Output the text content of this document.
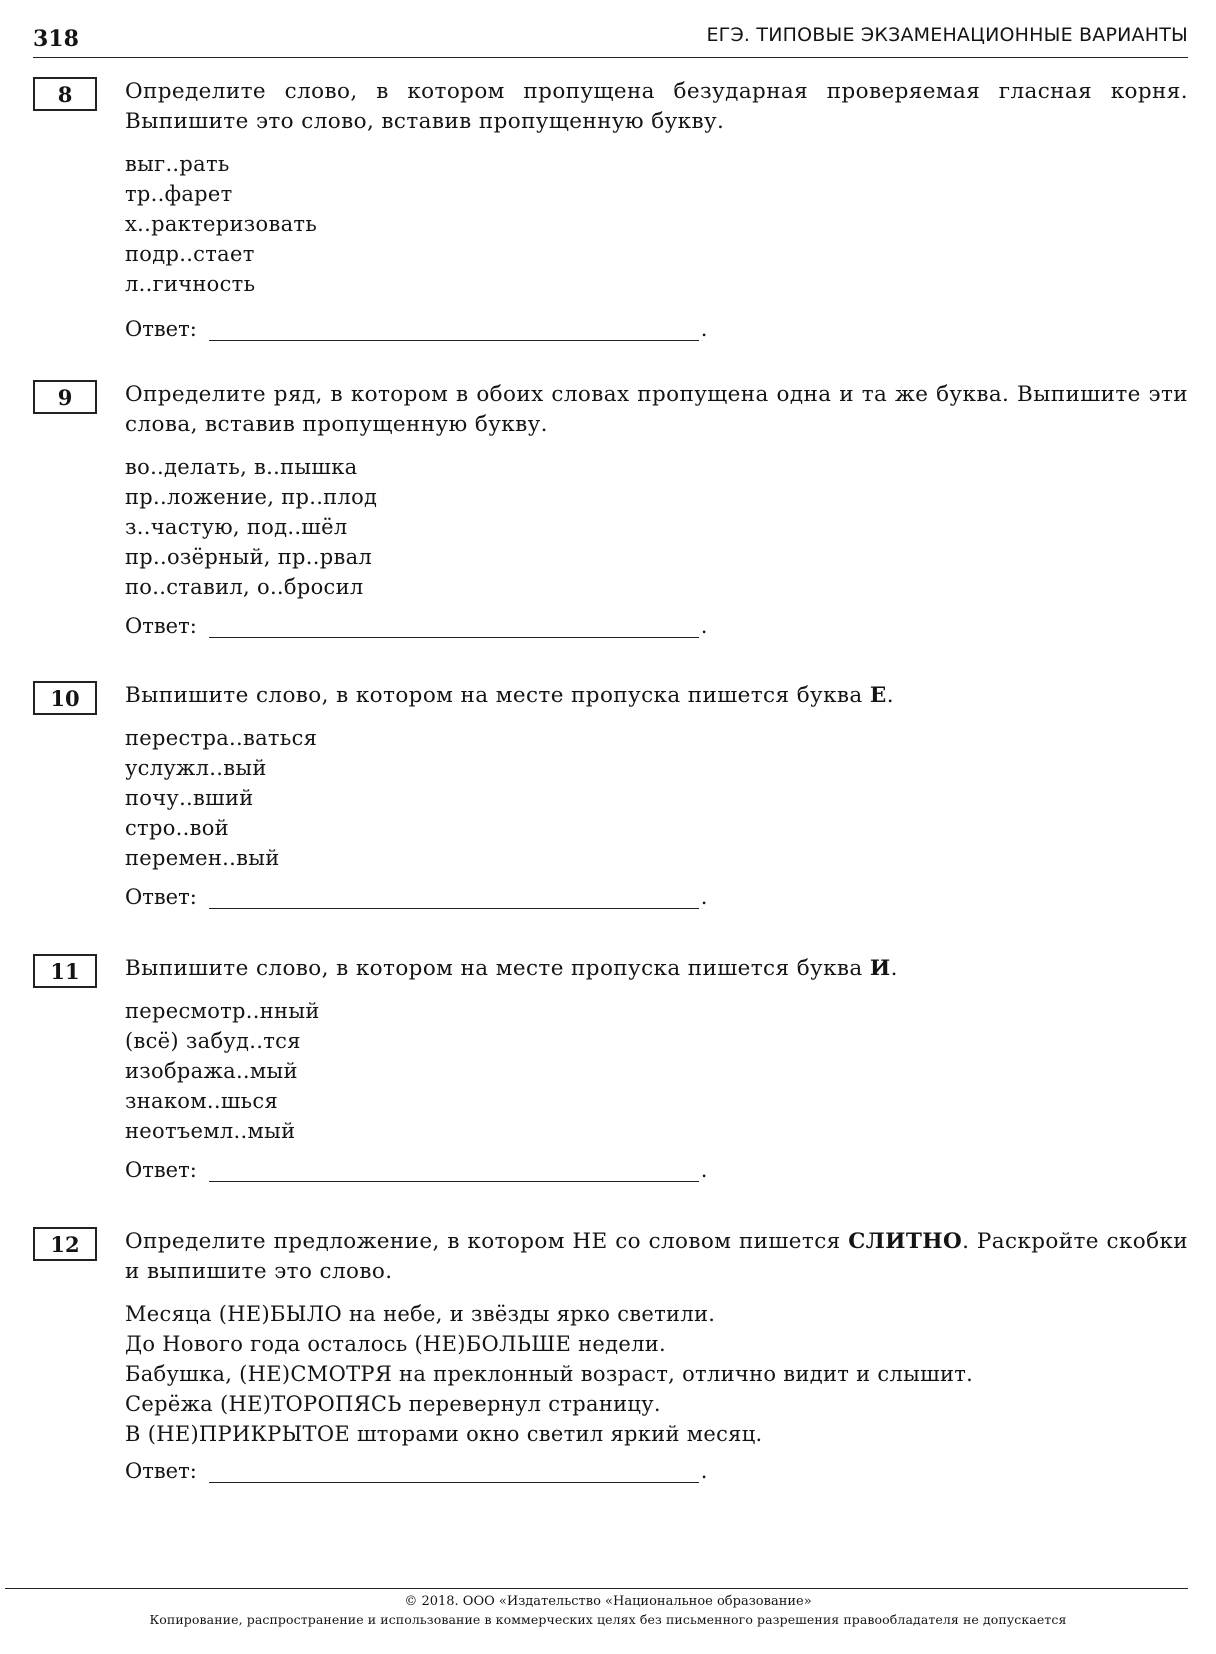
318	ЕГЭ. ТИПОВЫЕ ЭКЗАМЕНАЦИОННЫЕ ВАРИАНТЫ
8	Определите слово, в котором пропущена безударная проверяемая гласная корня. Выпишите это слово, вставив пропущенную букву.

выг..рать
тр..фарет
х..рактеризовать
подр..стает
л..гичность
Ответ:	.
9	Определите ряд, в котором в обоих словах пропущена одна и та же буква. Выпишите эти слова, вставив пропущенную букву.

во..делать, в..пышка
пр..ложение, пр..плод
з..частую, под..шёл
пр..озёрный, пр..рвал
по..ставил, о..бросил
Ответ:	.
10	Выпишите слово, в котором на месте пропуска пишется буква Е.

перестра..ваться
услужл..вый
почу..вший
стро..вой
перемен..вый
Ответ:	.
11	Выпишите слово, в котором на месте пропуска пишется буква И.

пересмотр..нный
(всё) забуд..тся
изобража..мый
знаком..шься
неотъемл..мый
Ответ:	.
12	Определите предложение, в котором НЕ со словом пишется СЛИТНО. Раскройте скобки и выпишите это слово.

Месяца (НЕ)БЫЛО на небе, и звёзды ярко светили.
До Нового года осталось (НЕ)БОЛЬШЕ недели.
Бабушка, (НЕ)СМОТРЯ на преклонный возраст, отлично видит и слышит.
Серёжа (НЕ)ТОРОПЯСЬ перевернул страницу.
В (НЕ)ПРИКРЫТОЕ шторами окно светил яркий месяц.
Ответ:	.
© 2018. ООО «Издательство «Национальное образование»
Копирование, распространение и использование в коммерческих целях без письменного разрешения правообладателя не допускается
